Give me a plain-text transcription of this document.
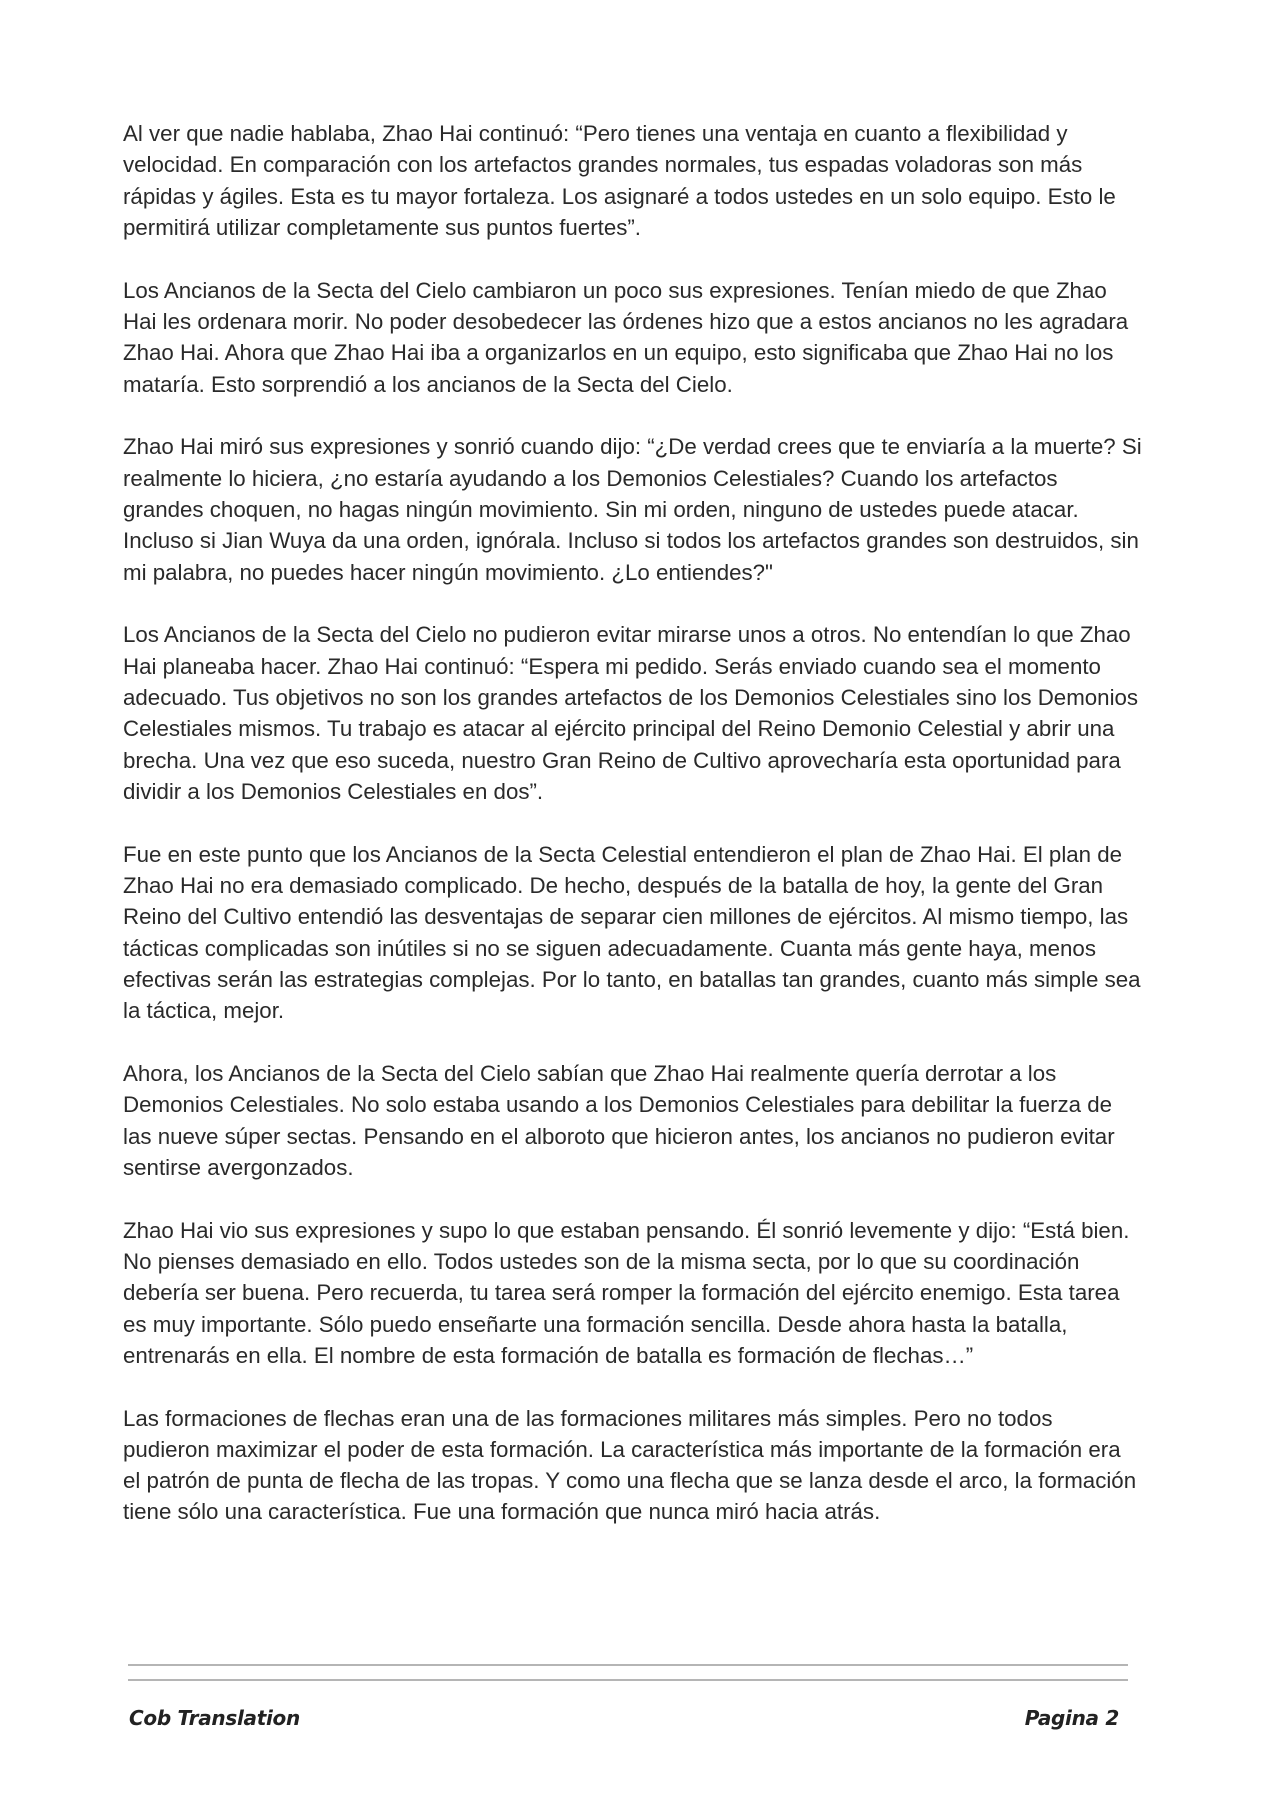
Al ver que nadie hablaba, Zhao Hai continuó: “Pero tienes una ventaja en cuanto a flexibilidad y velocidad. En comparación con los artefactos grandes normales, tus espadas voladoras son más rápidas y ágiles. Esta es tu mayor fortaleza. Los asignaré a todos ustedes en un solo equipo. Esto le permitirá utilizar completamente sus puntos fuertes”.

Los Ancianos de la Secta del Cielo cambiaron un poco sus expresiones. Tenían miedo de que Zhao Hai les ordenara morir. No poder desobedecer las órdenes hizo que a estos ancianos no les agradara Zhao Hai. Ahora que Zhao Hai iba a organizarlos en un equipo, esto significaba que Zhao Hai no los mataría. Esto sorprendió a los ancianos de la Secta del Cielo.

Zhao Hai miró sus expresiones y sonrió cuando dijo: “¿De verdad crees que te enviaría a la muerte? Si realmente lo hiciera, ¿no estaría ayudando a los Demonios Celestiales? Cuando los artefactos grandes choquen, no hagas ningún movimiento. Sin mi orden, ninguno de ustedes puede atacar. Incluso si Jian Wuya da una orden, ignórala. Incluso si todos los artefactos grandes son destruidos, sin mi palabra, no puedes hacer ningún movimiento. ¿Lo entiendes?"

Los Ancianos de la Secta del Cielo no pudieron evitar mirarse unos a otros. No entendían lo que Zhao Hai planeaba hacer. Zhao Hai continuó: “Espera mi pedido. Serás enviado cuando sea el momento adecuado. Tus objetivos no son los grandes artefactos de los Demonios Celestiales sino los Demonios Celestiales mismos. Tu trabajo es atacar al ejército principal del Reino Demonio Celestial y abrir una brecha. Una vez que eso suceda, nuestro Gran Reino de Cultivo aprovecharía esta oportunidad para dividir a los Demonios Celestiales en dos”.

Fue en este punto que los Ancianos de la Secta Celestial entendieron el plan de Zhao Hai. El plan de Zhao Hai no era demasiado complicado. De hecho, después de la batalla de hoy, la gente del Gran Reino del Cultivo entendió las desventajas de separar cien millones de ejércitos. Al mismo tiempo, las tácticas complicadas son inútiles si no se siguen adecuadamente. Cuanta más gente haya, menos efectivas serán las estrategias complejas. Por lo tanto, en batallas tan grandes, cuanto más simple sea la táctica, mejor.

Ahora, los Ancianos de la Secta del Cielo sabían que Zhao Hai realmente quería derrotar a los Demonios Celestiales. No solo estaba usando a los Demonios Celestiales para debilitar la fuerza de las nueve súper sectas. Pensando en el alboroto que hicieron antes, los ancianos no pudieron evitar sentirse avergonzados.

Zhao Hai vio sus expresiones y supo lo que estaban pensando. Él sonrió levemente y dijo: “Está bien. No pienses demasiado en ello. Todos ustedes son de la misma secta, por lo que su coordinación debería ser buena. Pero recuerda, tu tarea será romper la formación del ejército enemigo. Esta tarea es muy importante. Sólo puedo enseñarte una formación sencilla. Desde ahora hasta la batalla, entrenarás en ella. El nombre de esta formación de batalla es formación de flechas…”

Las formaciones de flechas eran una de las formaciones militares más simples. Pero no todos pudieron maximizar el poder de esta formación. La característica más importante de la formación era el patrón de punta de flecha de las tropas. Y como una flecha que se lanza desde el arco, la formación tiene sólo una característica. Fue una formación que nunca miró hacia atrás.

Cob Translation	Pagina 2
